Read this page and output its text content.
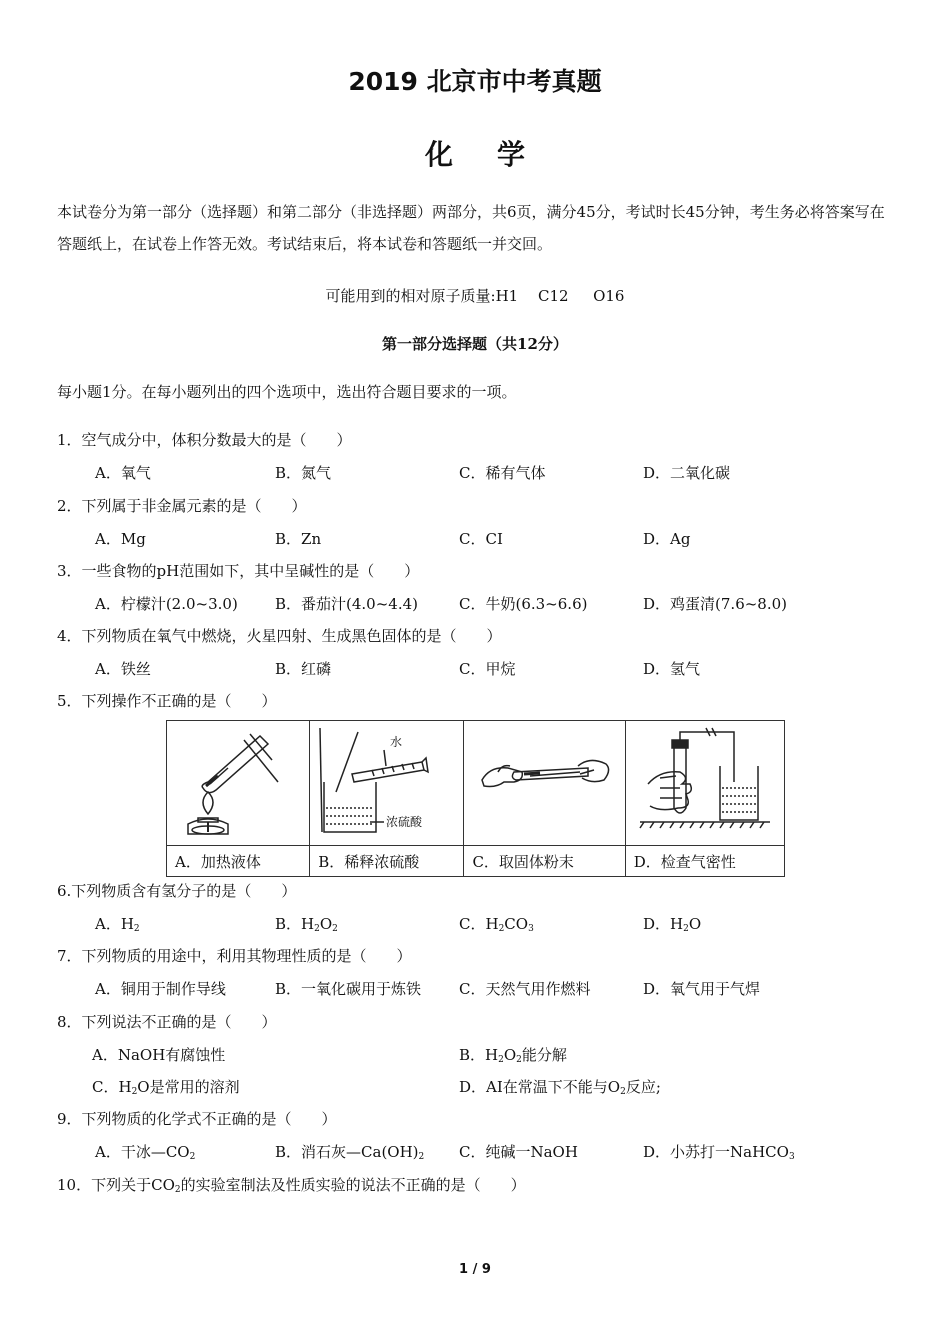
2019 北京市中考真题
化学
本试卷分为第一部分（选择题）和第二部分（非选择题）两部分，共6页，满分45分，考试时长45分钟，考生务必将答案写在答题纸上，在试卷上作答无效。考试结束后，将本试卷和答题纸一并交回。
可能用到的相对原子质量:H1　 C12 　 O16
第一部分选择题（共12分）
每小题1分。在每小题列出的四个选项中，选出符合题目要求的一项。
1．空气成分中，体积分数最大的是（　　）
A．氧气	B．氮气	C．稀有气体	D．二氧化碳
2．下列属于非金属元素的是（　　）
A．Mg	B．Zn	C．CI	D．Ag
3．一些食物的pH范围如下，其中呈碱性的是（　　）
A．柠檬汁(2.0~3.0) B．番茄汁(4.0~4.4)	C．牛奶(6.3~6.6)	D．鸡蛋清(7.6~8.0)
4．下列物质在氧气中燃烧，火星四射、生成黑色固体的是（　　）
A．铁丝	B．红磷	C．甲烷	D．氢气
5．下列操作不正确的是（　　）

水
浓硫酸

A．加热液体	B．稀释浓硫酸	C．取固体粉末	D．检查气密性
6.下列物质含有氢分子的是（　　）
A．$H_2$	B．$H_2O_2$	C．$H_2CO_3$	D．$H_2O$
7．下列物质的用途中，利用其物理性质的是（　　）
A．铜用于制作导线	B．一氧化碳用于炼铁	C．天然气用作燃料	D．氧气用于气焊
8．下列说法不正确的是（　　）
A．NaOH有腐蚀性	B．$H_2O_2$能分解
C．$H_2O$是常用的溶剂	D．AI在常温下不能与$O_2$反应;
9．下列物质的化学式不正确的是（　　）
A．干冰$—CO_2$	B．消石灰$—Ca(OH)_2$ C．纯碱一NaOH	D．小苏打一NaHCO$_3$
10．下列关于$CO_2$的实验室制法及性质实验的说法不正确的是（　　）
1 / 9
